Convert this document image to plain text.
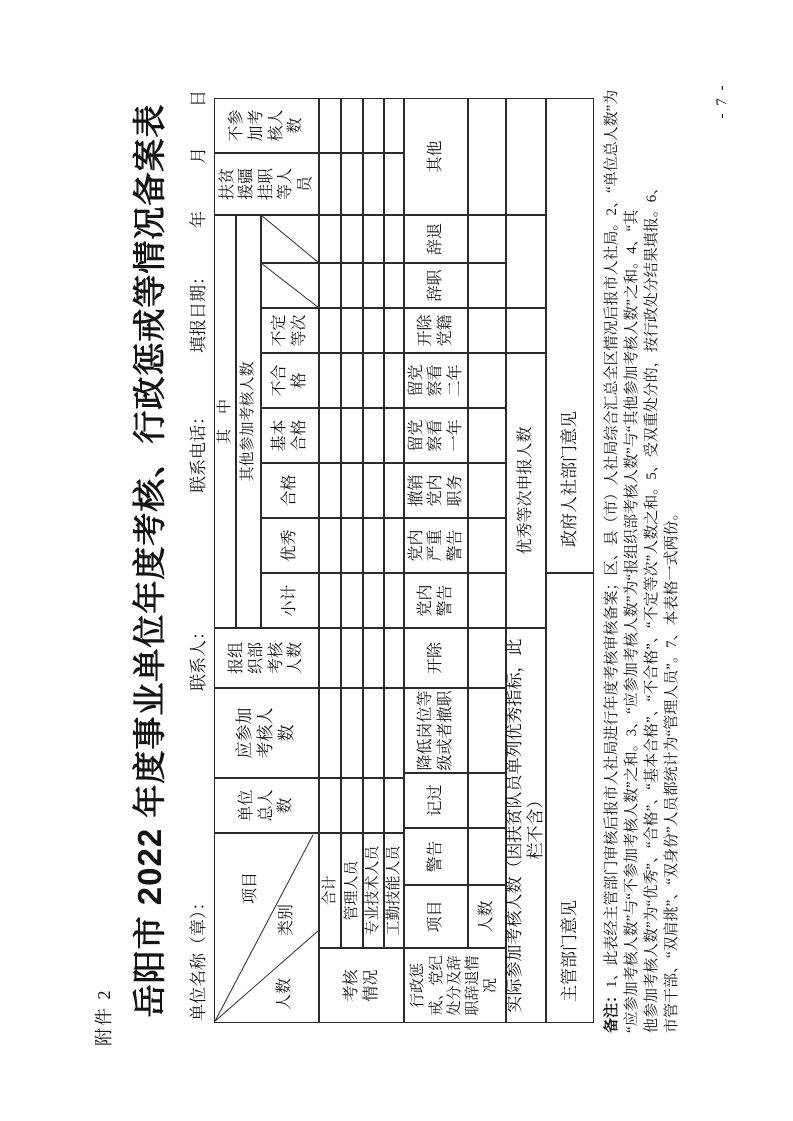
附件 2 岳阳市 2022 年度事业单位年度考核、行政惩戒等情况备案表 单位名称（章）：
联系人：
联系电话：
填报日期：
年
月
日
项目
类别
人数
单位总人数
应参加考核人数
报组织部考核人数
其　中 其他参加考核人数
小计
优秀
合格
基本合格
不合格
不定等次
扶贫援疆挂职等人员
不参加考核人数
考核情况
合计 管理人员 专业技术人员 工勤技能人员
行政惩戒、党纪处分及辞职辞退情况
项目	人数
警告
记过
降低岗位等级或者撤职
开除
党内警告
党内严重警告
撤销党内职务
留党察看一年
留党察看二年
开除党籍
辞职
辞退
其他
实际参加考核人数（因扶贫队员单列优秀指标，此栏不含）
优秀等次申报人数
主管部门意见
政府人社部门意见
备注：1、此表经主管部门审核后报市人社局进行年度考核审核备案；区、县（市）人社局综合汇总全区情况后报市人社局。2、“单位总人数”为 “应参加考核人数”与“不参加考核人数”之和。3、“应参加考核人数”为“报组织部考核人数”与“其他参加考核人数”之和。4、“其 他参加考核人数”为“优秀”、“合格”、“基本合格”、“不合格”、“不定等次”人数之和。5、受双重处分的，按行政处分结果填报。6、 市管干部、“双肩挑”、“双身份”人员都统计为“管理人员”。7、本表格一式两份。
- 7 -
